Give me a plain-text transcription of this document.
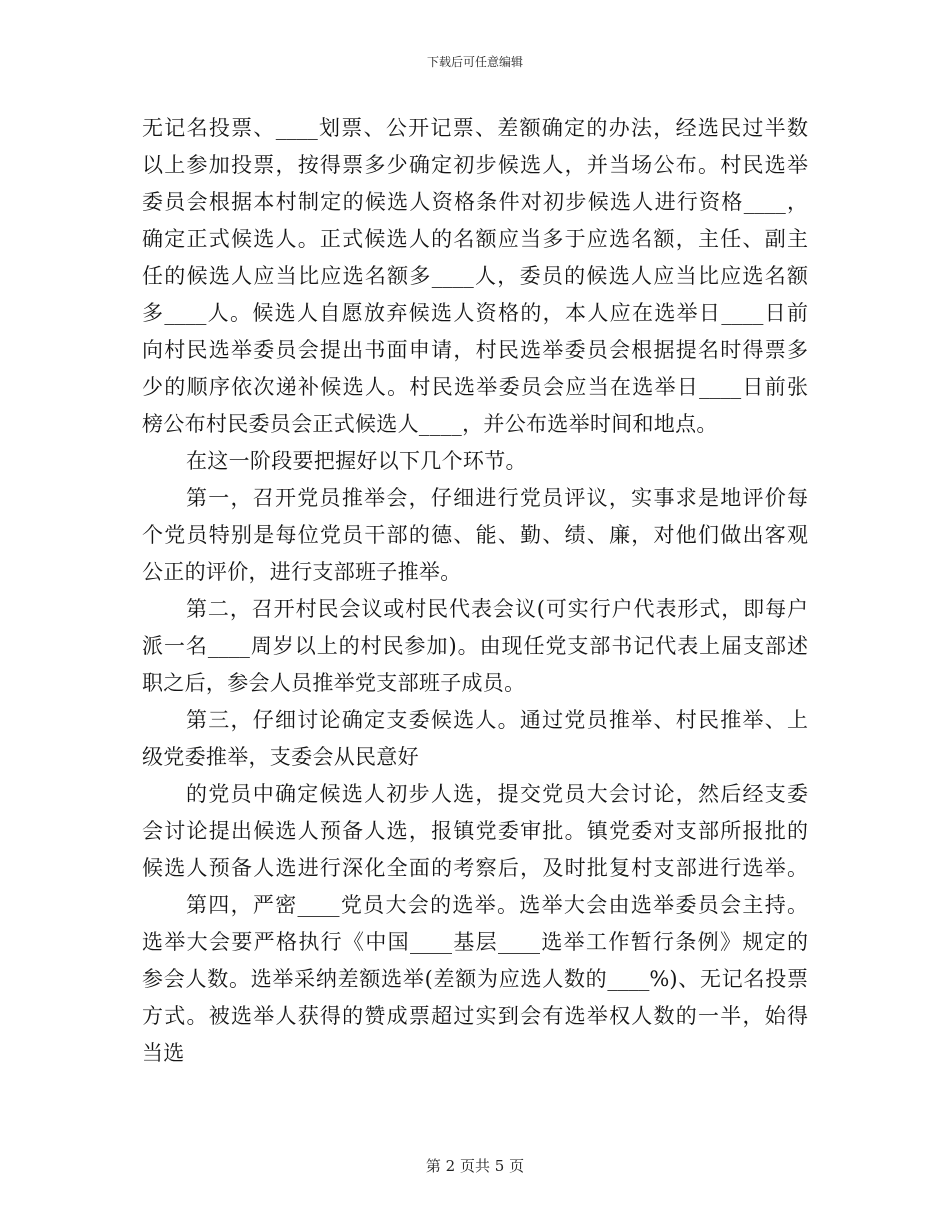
下载后可任意编辑
无记名投票、____划票、公开记票、差额确定的办法，经选民过半数
以上参加投票，按得票多少确定初步候选人，并当场公布。村民选举
委员会根据本村制定的候选人资格条件对初步候选人进行资格____，
确定正式候选人。正式候选人的名额应当多于应选名额，主任、副主
任的候选人应当比应选名额多____人，委员的候选人应当比应选名额
多____人。候选人自愿放弃候选人资格的，本人应在选举日____日前
向村民选举委员会提出书面申请，村民选举委员会根据提名时得票多
少的顺序依次递补候选人。村民选举委员会应当在选举日____日前张
榜公布村民委员会正式候选人____，并公布选举时间和地点。
在这一阶段要把握好以下几个环节。
第一，召开党员推举会，仔细进行党员评议，实事求是地评价每
个党员特别是每位党员干部的德、能、勤、绩、廉，对他们做出客观
公正的评价，进行支部班子推举。
第二，召开村民会议或村民代表会议(可实行户代表形式，即每户
派一名____周岁以上的村民参加)。由现任党支部书记代表上届支部述
职之后，参会人员推举党支部班子成员。
第三，仔细讨论确定支委候选人。通过党员推举、村民推举、上
级党委推举，支委会从民意好
的党员中确定候选人初步人选，提交党员大会讨论，然后经支委
会讨论提出候选人预备人选，报镇党委审批。镇党委对支部所报批的
候选人预备人选进行深化全面的考察后，及时批复村支部进行选举。
第四，严密____党员大会的选举。选举大会由选举委员会主持。
选举大会要严格执行《中国____基层____选举工作暂行条例》规定的
参会人数。选举采纳差额选举(差额为应选人数的____%)、无记名投票
方式。被选举人获得的赞成票超过实到会有选举权人数的一半，始得
当选
第 2 页共 5 页
